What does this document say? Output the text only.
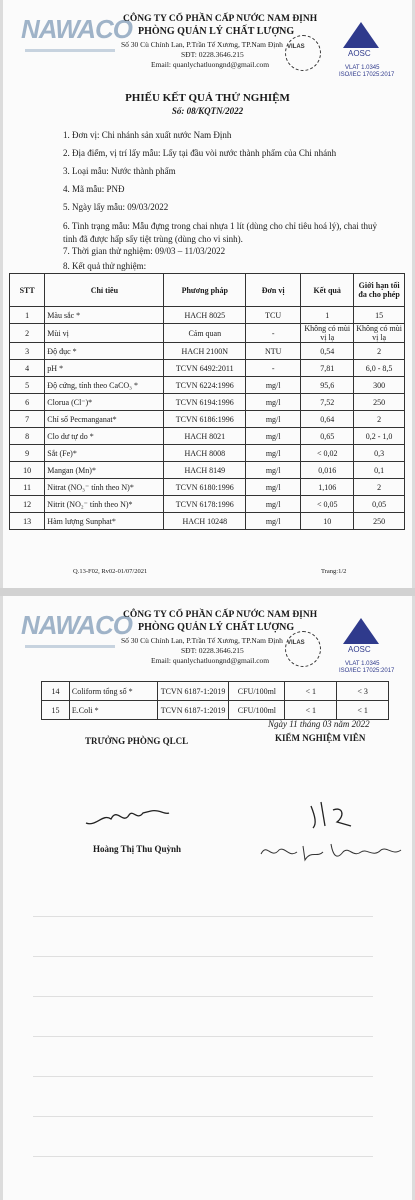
NAWACO
CÔNG TY CỔ PHẦN CẤP NƯỚC NAM ĐỊNH
PHÒNG QUẢN LÝ CHẤT LƯỢNG
Số 30 Cù Chính Lan, P.Trần Tế Xương, TP.Nam Định
SĐT: 0228.3646.215
Email: quanlychatluongnd@gmail.com
VILAS
AOSC
VLAT 1.0345
ISO/IEC 17025:2017
PHIẾU KẾT QUẢ THỬ NGHIỆM
Số: 08/KQTN/2022
1. Đơn vị: Chi nhánh sản xuất nước Nam Định
2. Địa điểm, vị trí lấy mẫu: Lấy tại đầu vòi nước thành phẩm của Chi nhánh
3. Loại mẫu: Nước thành phẩm
4. Mã mẫu: PNĐ
5. Ngày lấy mẫu: 09/03/2022
6. Tình trạng mẫu: Mẫu đựng trong chai nhựa 1 lít (dùng cho chỉ tiêu hoá lý), chai thuỷ tinh đã được hấp sấy tiệt trùng (dùng cho vi sinh).
7. Thời gian thử nghiệm: 09/03 – 11/03/2022
8. Kết quả thử nghiệm:
STT	Chỉ tiêu	Phương pháp	Đơn vị	Kết quả	Giới hạn tối đa cho phép
1	Màu sắc *	HACH 8025	TCU	1	15
2	Mùi vị	Cảm quan	-	Không có mùi vị lạ	Không có mùi vị lạ
3	Độ đục *	HACH 2100N	NTU	0,54	2
4	pH *	TCVN 6492:2011	-	7,81	6,0 - 8,5
5	Độ cứng, tính theo CaCO₃ *	TCVN 6224:1996	mg/l	95,6	300
6	Clorua (Cl⁻)*	TCVN 6194:1996	mg/l	7,52	250
7	Chỉ số Pecmanganat*	TCVN 6186:1996	mg/l	0,64	2
8	Clo dư tự do *	HACH 8021	mg/l	0,65	0,2 - 1,0
9	Sắt (Fe)*	HACH 8008	mg/l	< 0,02	0,3
10	Mangan (Mn)*	HACH 8149	mg/l	0,016	0,1
11	Nitrat (NO₃⁻ tính theo N)*	TCVN 6180:1996	mg/l	1,106	2
12	Nitrit (NO₂⁻ tính theo N)*	TCVN 6178:1996	mg/l	< 0,05	0,05
13	Hàm lượng Sunphat*	HACH 10248	mg/l	10	250
Q.13-F02, Rv02-01/07/2021	Trang:1/2
NAWACO
CÔNG TY CỔ PHẦN CẤP NƯỚC NAM ĐỊNH
PHÒNG QUẢN LÝ CHẤT LƯỢNG
Số 30 Cù Chính Lan, P.Trần Tế Xương, TP.Nam Định
SĐT: 0228.3646.215
Email: quanlychatluongnd@gmail.com
VILAS
AOSC
VLAT 1.0345
ISO/IEC 17025:2017
14	Coliform tổng số *	TCVN 6187-1:2019	CFU/100ml	< 1	< 3
15	E.Coli *	TCVN 6187-1:2019	CFU/100ml	< 1	< 1
Ngày 11 tháng 03 năm 2022
TRƯỞNG PHÒNG QLCL	KIỂM NGHIỆM VIÊN
Hoàng Thị Thu Quỳnh
